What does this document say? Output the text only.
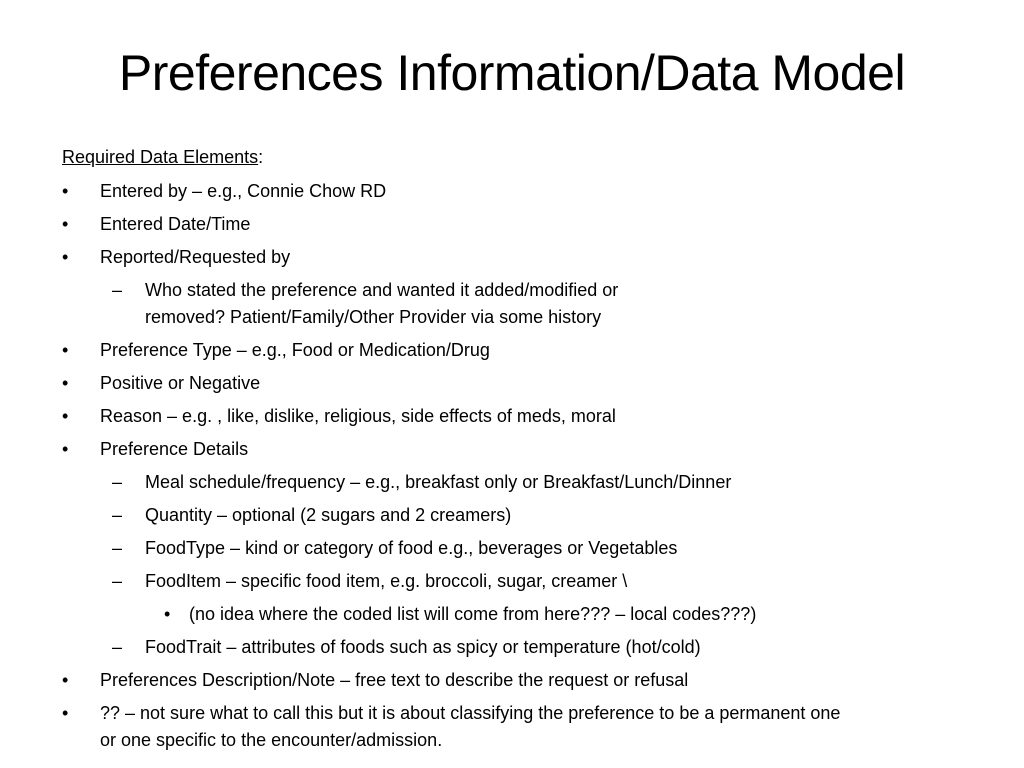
Preferences Information/Data Model
Required Data Elements:
• Entered by – e.g., Connie Chow RD
• Entered Date/Time
• Reported/Requested by
– Who stated the preference and wanted it added/modified or
removed? Patient/Family/Other Provider via some history
• Preference Type – e.g., Food or Medication/Drug
• Positive or Negative
• Reason – e.g. , like, dislike, religious, side effects of meds, moral
• Preference Details
– Meal schedule/frequency – e.g., breakfast only or Breakfast/Lunch/Dinner
– Quantity – optional (2 sugars and 2 creamers)
– FoodType – kind or category of food e.g., beverages or Vegetables
– FoodItem – specific food item, e.g. broccoli, sugar, creamer \
• (no idea where the coded list will come from here??? – local codes???)
– FoodTrait – attributes of foods such as spicy or temperature (hot/cold)
• Preferences Description/Note – free text to describe the request or refusal
• ?? – not sure what to call this but it is about classifying the preference to be a permanent one
or one specific to the encounter/admission.
